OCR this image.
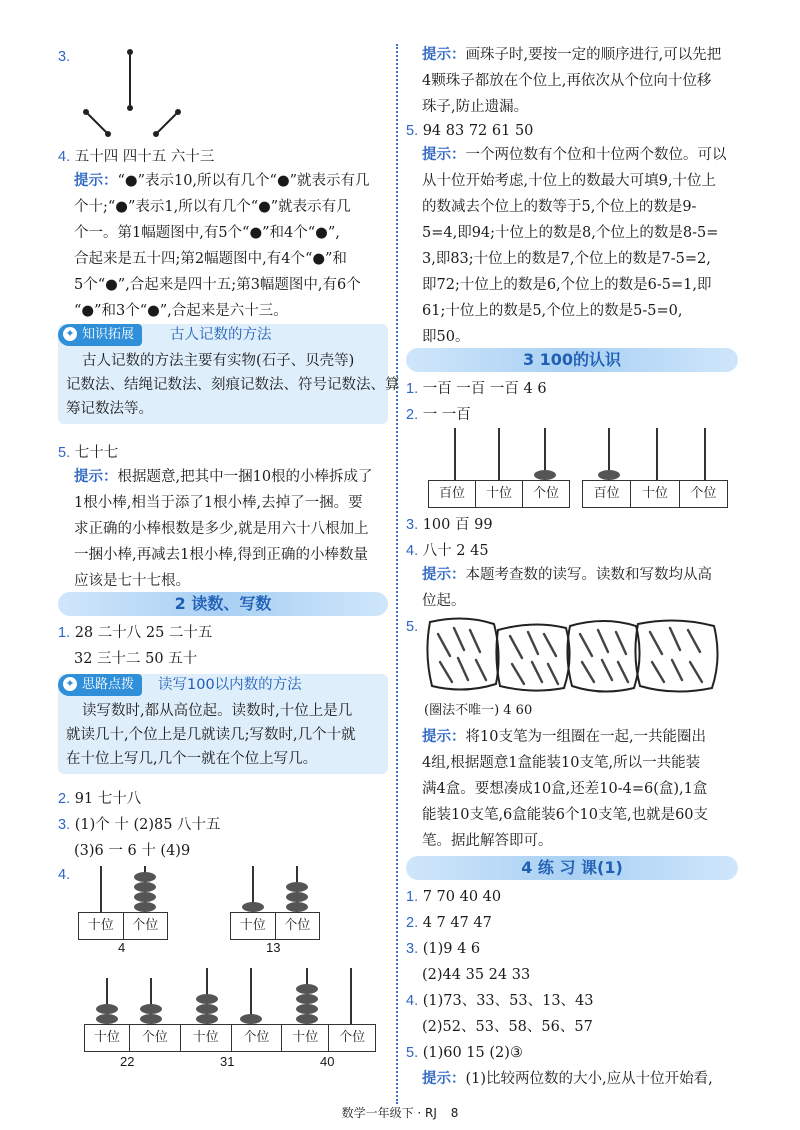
3.
4. 五十四 四十五 六十三
提示：“●”表示10,所以有几个“●”就表示有几
个十;“●”表示1,所以有几个“●”就表示有几
个一。第1幅题图中,有5个“●”和4个“●”,
合起来是五十四;第2幅题图中,有4个“●”和
5个“●”,合起来是四十五;第3幅题图中,有6个
“●”和3个“●”,合起来是六十三。
✦ 知识拓展	古人记数的方法
古人记数的方法主要有实物(石子、贝壳等)
记数法、结绳记数法、刻痕记数法、符号记数法、算
筹记数法等。
5. 七十七
提示：根据题意,把其中一捆10根的小棒拆成了
1根小棒,相当于添了1根小棒,去掉了一捆。要
求正确的小棒根数是多少,就是用六十八根加上
一捆小棒,再减去1根小棒,得到正确的小棒数量
应该是七十七根。
2 读数、写数
1. 28 二十八 25 二十五
32 三十二 50 五十
✦ 思路点拨	读写100以内数的方法
读写数时,都从高位起。读数时,十位上是几
就读几十,个位上是几就读几;写数时,几个十就
在十位上写几,几个一就在个位上写几。
2. 91 七十八
3. (1)个 十 (2)85 八十五
(3)6 一 6 十 (4)9
4.
十位	个位
4
十位	个位
13
十位	个位	十位	个位	十位	个位
22	31	40
提示：画珠子时,要按一定的顺序进行,可以先把
4颗珠子都放在个位上,再依次从个位向十位移
珠子,防止遗漏。
5. 94 83 72 61 50
提示：一个两位数有个位和十位两个数位。可以
从十位开始考虑,十位上的数最大可填9,十位上
的数减去个位上的数等于5,个位上的数是9-
5=4,即94;十位上的数是8,个位上的数是8-5=
3,即83;十位上的数是7,个位上的数是7-5=2,
即72;十位上的数是6,个位上的数是6-5=1,即
61;十位上的数是5,个位上的数是5-5=0,
即50。
3 100的认识
1. 一百 一百 一百 4 6
2. 一 一百
百位	十位	个位	百位	十位	个位
3. 100 百 99
4. 八十 2 45
提示：本题考查数的读写。读数和写数均从高
位起。
5.
(圈法不唯一) 4 60
提示：将10支笔为一组圈在一起,一共能圈出
4组,根据题意1盒能装10支笔,所以一共能装
满4盒。要想凑成10盒,还差10-4=6(盒),1盒
能装10支笔,6盒能装6个10支笔,也就是60支
笔。据此解答即可。
4 练 习 课(1)
1. 7 70 40 40
2. 4 7 47 47
3. (1)9 4 6
(2)44 35 24 33
4. (1)73、33、53、13、43
(2)52、53、58、56、57
5. (1)60 15 (2)③
提示：(1)比较两位数的大小,应从十位开始看,
数学一年级下 · RJ 8
